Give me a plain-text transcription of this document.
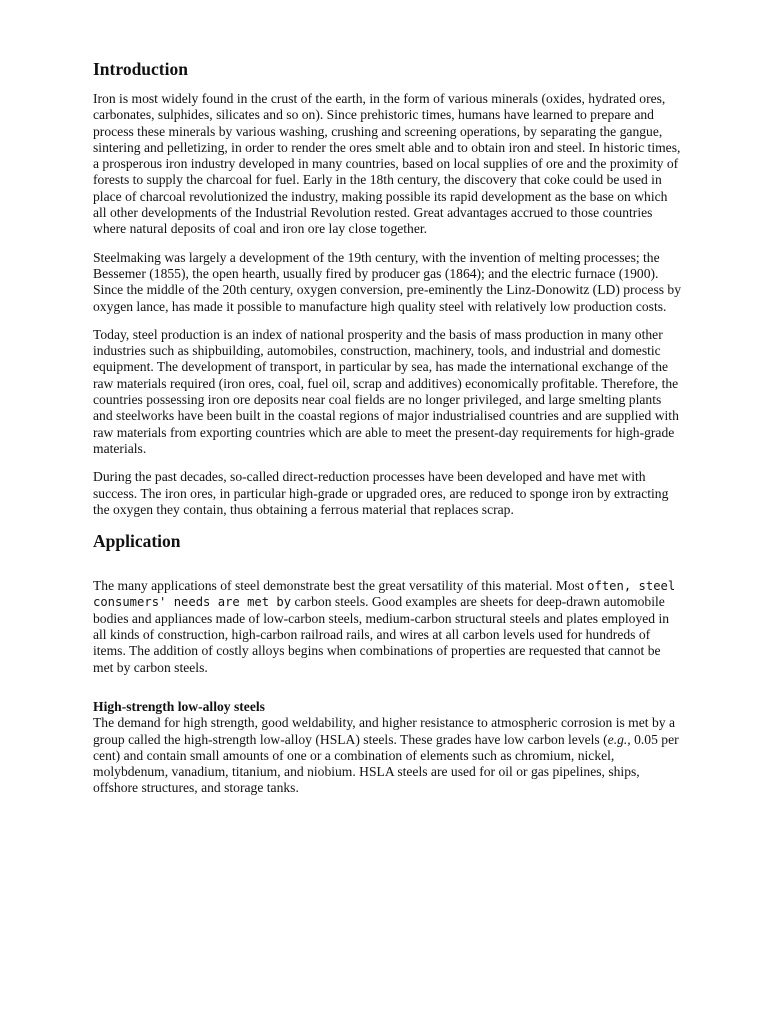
Introduction

Iron is most widely found in the crust of the earth, in the form of various minerals (oxides, hydrated ores, carbonates, sulphides, silicates and so on). Since prehistoric times, humans have learned to prepare and process these minerals by various washing, crushing and screening operations, by separating the gangue, sintering and pelletizing, in order to render the ores smelt able and to obtain iron and steel. In historic times, a prosperous iron industry developed in many countries, based on local supplies of ore and the proximity of forests to supply the charcoal for fuel. Early in the 18th century, the discovery that coke could be used in place of charcoal revolutionized the industry, making possible its rapid development as the base on which all other developments of the Industrial Revolution rested. Great advantages accrued to those countries where natural deposits of coal and iron ore lay close together.

Steelmaking was largely a development of the 19th century, with the invention of melting processes; the Bessemer (1855), the open hearth, usually fired by producer gas (1864); and the electric furnace (1900). Since the middle of the 20th century, oxygen conversion, pre-eminently the Linz-Donowitz (LD) process by oxygen lance, has made it possible to manufacture high quality steel with relatively low production costs.

Today, steel production is an index of national prosperity and the basis of mass production in many other industries such as shipbuilding, automobiles, construction, machinery, tools, and industrial and domestic equipment. The development of transport, in particular by sea, has made the international exchange of the raw materials required (iron ores, coal, fuel oil, scrap and additives) economically profitable. Therefore, the countries possessing iron ore deposits near coal fields are no longer privileged, and large smelting plants and steelworks have been built in the coastal regions of major industrialised countries and are supplied with raw materials from exporting countries which are able to meet the present-day requirements for high-grade materials.

During the past decades, so-called direct-reduction processes have been developed and have met with success. The iron ores, in particular high-grade or upgraded ores, are reduced to sponge iron by extracting the oxygen they contain, thus obtaining a ferrous material that replaces scrap.

Application

The many applications of steel demonstrate best the great versatility of this material. Most often, steel consumers' needs are met by carbon steels. Good examples are sheets for deep-drawn automobile bodies and appliances made of low-carbon steels, medium-carbon structural steels and plates employed in all kinds of construction, high-carbon railroad rails, and wires at all carbon levels used for hundreds of items. The addition of costly alloys begins when combinations of properties are requested that cannot be met by carbon steels.

High-strength low-alloy steels
The demand for high strength, good weldability, and higher resistance to atmospheric corrosion is met by a group called the high-strength low-alloy (HSLA) steels. These grades have low carbon levels (e.g., 0.05 per cent) and contain small amounts of one or a combination of elements such as chromium, nickel, molybdenum, vanadium, titanium, and niobium. HSLA steels are used for oil or gas pipelines, ships, offshore structures, and storage tanks.
